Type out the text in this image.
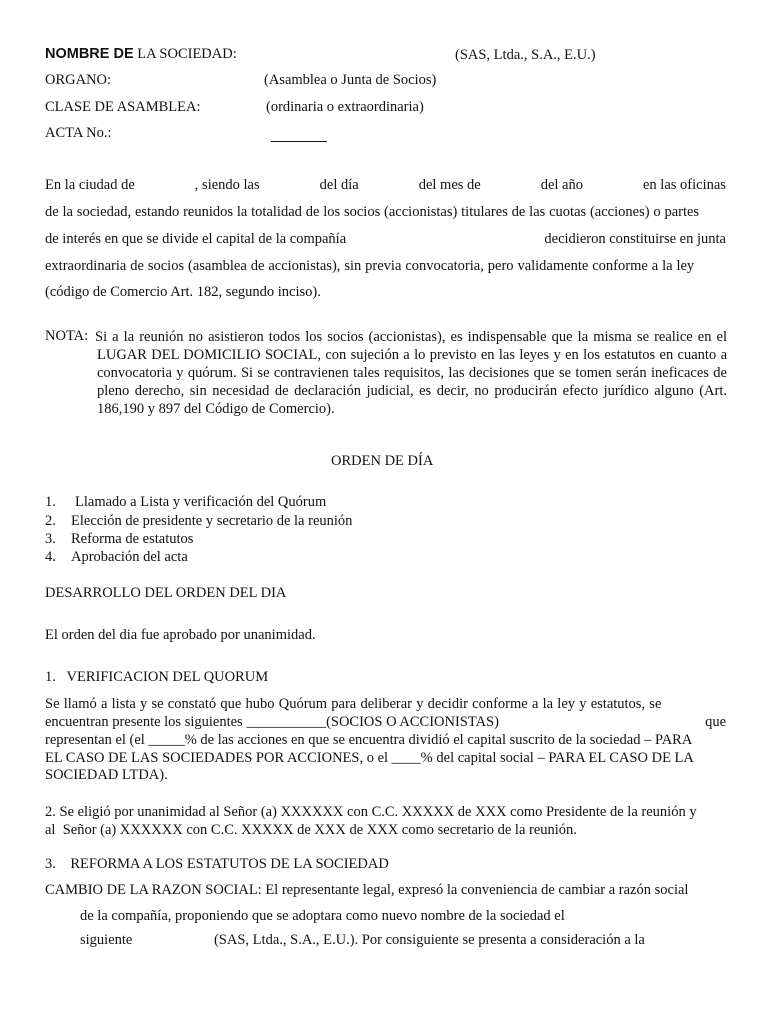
NOMBRE DE LA SOCIEDAD:	(SAS, Ltda., S.A., E.U.)
ORGANO:	(Asamblea o Junta de Socios)
CLASE DE ASAMBLEA:	(ordinaria o extraordinaria)
ACTA No.:
En la ciudad de	, siendo las	del día	del mes de	del año	en las oficinas
de la sociedad, estando reunidos la totalidad de los socios (accionistas) titulares de las cuotas (acciones) o partes
de interés en que se divide el capital de la compañía	decidieron constituirse en junta
extraordinaria de socios (asamblea de accionistas), sin previa convocatoria, pero validamente conforme a la ley
(código de Comercio Art. 182, segundo inciso).
NOTA: Si a la reunión no asistieron todos los socios (accionistas), es indispensable que la misma se realice en el LUGAR DEL DOMICILIO SOCIAL, con sujeción a lo previsto en las leyes y en los estatutos en cuanto a convocatoria y quórum. Si se contravienen tales requisitos, las decisiones que se tomen serán ineficaces de pleno derecho, sin necesidad de declaración judicial, es decir, no producirán efecto jurídico alguno (Art. 186,190 y 897 del Código de Comercio).
ORDEN DE DÍA
1. Llamado a Lista y verificación del Quórum
2. Elección de presidente y secretario de la reunión
3. Reforma de estatutos
4. Aprobación del acta
DESARROLLO DEL ORDEN DEL DIA
El orden del dia fue aprobado por unanimidad.
1.   VERIFICACION DEL QUORUM
Se llamó a lista y se constató que hubo Quórum para deliberar y decidir conforme a la ley y estatutos, se
encuentran presente los siguientes ___________(SOCIOS O ACCIONISTAS)	que
representan el (el _____% de las acciones en que se encuentra dividió el capital suscrito de la sociedad – PARA
EL CASO DE LAS SOCIEDADES POR ACCIONES, o el ____% del capital social – PARA EL CASO DE LA
SOCIEDAD LTDA).
2. Se eligió por unanimidad al Señor (a) XXXXXX con C.C. XXXXX de XXX como Presidente de la reunión y
al  Señor (a) XXXXXX con C.C. XXXXX de XXX de XXX como secretario de la reunión.
3.    REFORMA A LOS ESTATUTOS DE LA SOCIEDAD
CAMBIO DE LA RAZON SOCIAL: El representante legal, expresó la conveniencia de cambiar a razón social
de la compañía, proponiendo que se adoptara como nuevo nombre de la sociedad el
siguiente	(SAS, Ltda., S.A., E.U.). Por consiguiente se presenta a consideración a la
